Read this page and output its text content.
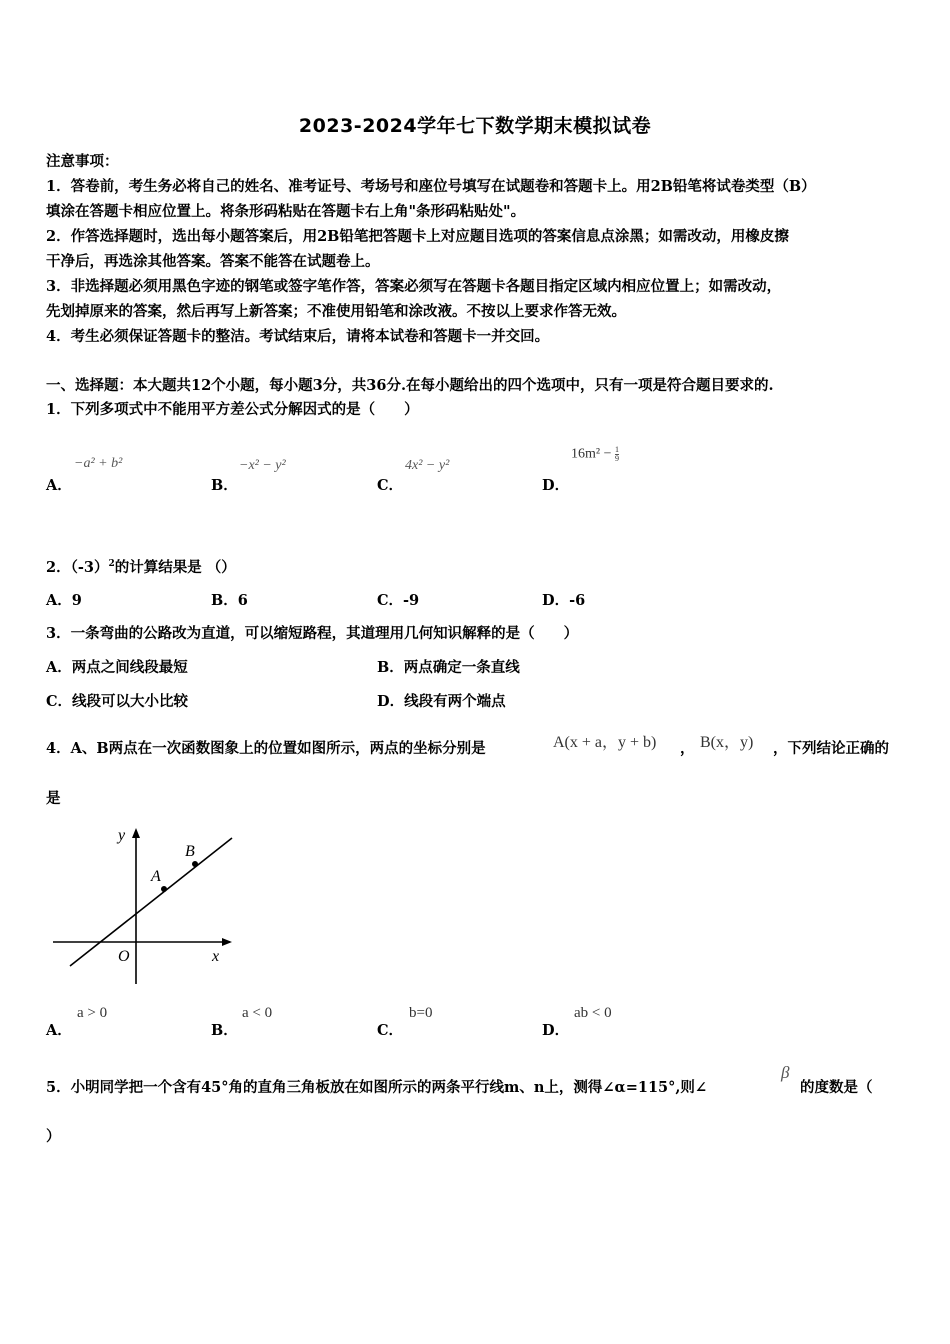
2023-2024学年七下数学期末模拟试卷
注意事项：
1．答卷前，考生务必将自己的姓名、准考证号、考场号和座位号填写在试题卷和答题卡上。用2B铅笔将试卷类型（B）
填涂在答题卡相应位置上。将条形码粘贴在答题卡右上角"条形码粘贴处"。
2．作答选择题时，选出每小题答案后，用2B铅笔把答题卡上对应题目选项的答案信息点涂黑；如需改动，用橡皮擦
干净后，再选涂其他答案。答案不能答在试题卷上。
3．非选择题必须用黑色字迹的钢笔或签字笔作答，答案必须写在答题卡各题目指定区域内相应位置上；如需改动，
先划掉原来的答案，然后再写上新答案；不准使用铅笔和涂改液。不按以上要求作答无效。
4．考生必须保证答题卡的整洁。考试结束后，请将本试卷和答题卡一并交回。
一、选择题：本大题共12个小题，每小题3分，共36分.在每小题给出的四个选项中，只有一项是符合题目要求的.
1．下列多项式中不能用平方差公式分解因式的是（　　）
A．
−a² + b²
B．
−x² − y²
C．
4x² − y²
D．
$16m^2 - \frac{1}{9}$
2．$(-3)^2$的计算结果是 （）
A．9	B．6	C．-9	D．-6
3．一条弯曲的公路改为直道，可以缩短路程，其道理用几何知识解释的是（　　）
A．两点之间线段最短	B．两点确定一条直线
C．线段可以大小比较	D．线段有两个端点
4．A、B两点在一次函数图象上的位置如图所示，两点的坐标分别是	A(x + a，y + b) ， B(x，y) ，下列结论正确的
是
y
x
O
A
B
A．
a > 0
B．
a < 0
C．
b=0
D．
ab < 0
5．小明同学把一个含有45°角的直角三角板放在如图所示的两条平行线m、n上，测得∠α=115°,则∠
β
的度数是（
）
